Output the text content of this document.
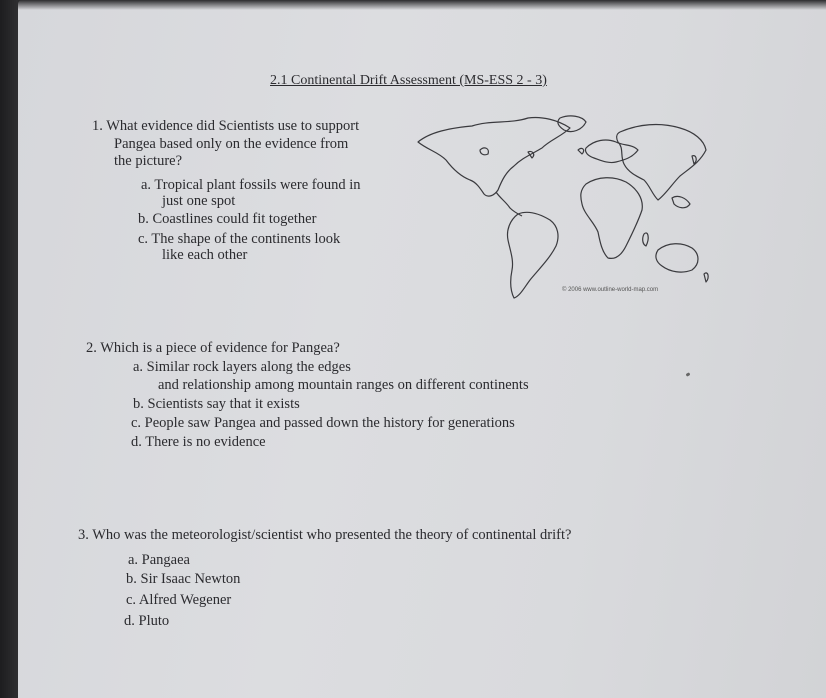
2.1 Continental Drift Assessment (MS-ESS 2 - 3)
1. What evidence did Scientists use to support
Pangea based only on the evidence from
the picture?
a. Tropical plant fossils were found in
just one spot
b. Coastlines could fit together
c. The shape of the continents look
like each other
© 2006 www.outline-world-map.com
2. Which is a piece of evidence for Pangea?
a. Similar rock layers along the edges
and relationship among mountain ranges on different continents
b. Scientists say that it exists
c. People saw Pangea and passed down the history for generations
d. There is no evidence
3. Who was the meteorologist/scientist who presented the theory of continental drift?
a. Pangaea
b. Sir Isaac Newton
c. Alfred Wegener
d. Pluto
